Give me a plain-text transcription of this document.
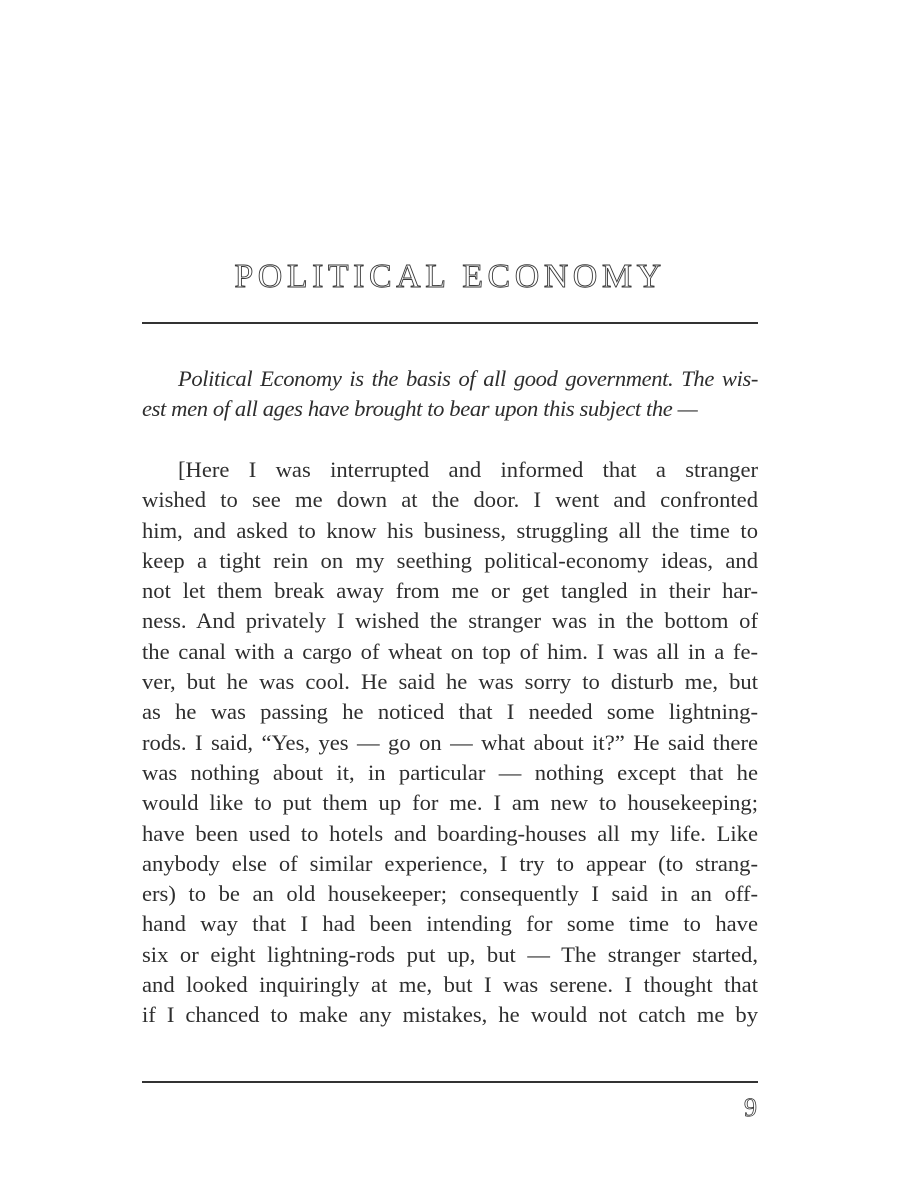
POLITICAL ECONOMY
Political Economy is the basis of all good government. The wis-
est men of all ages have brought to bear upon this subject the —
[Here I was interrupted and informed that a stranger
wished to see me down at the door. I went and confronted
him, and asked to know his business, struggling all the time to
keep a tight rein on my seething political-economy ideas, and
not let them break away from me or get tangled in their har-
ness. And privately I wished the stranger was in the bottom of
the canal with a cargo of wheat on top of him. I was all in a fe-
ver, but he was cool. He said he was sorry to disturb me, but
as he was passing he noticed that I needed some lightning-
rods. I said, “Yes, yes — go on — what about it?” He said there
was nothing about it, in particular — nothing except that he
would like to put them up for me. I am new to housekeeping;
have been used to hotels and boarding-houses all my life. Like
anybody else of similar experience, I try to appear (to strang-
ers) to be an old housekeeper; consequently I said in an off-
hand way that I had been intending for some time to have
six or eight lightning-rods put up, but — The stranger started,
and looked inquiringly at me, but I was serene. I thought that
if I chanced to make any mistakes, he would not catch me by
9
